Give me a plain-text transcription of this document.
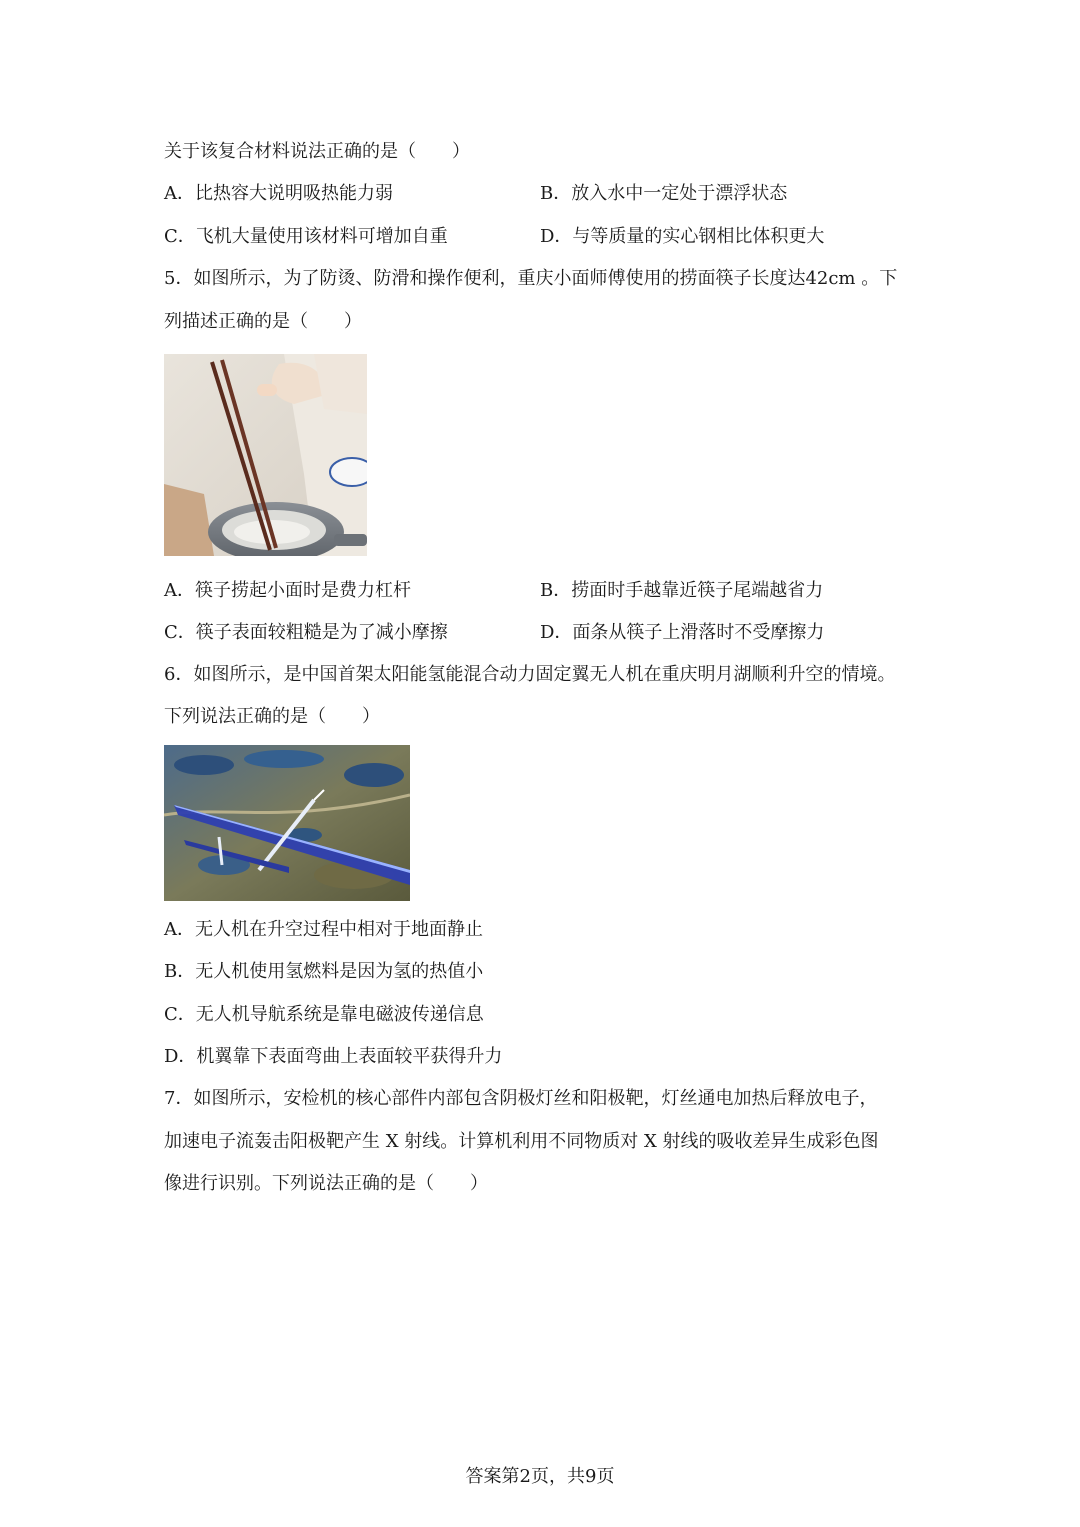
关于该复合材料说法正确的是（　　）
A．比热容大说明吸热能力弱	B．放入水中一定处于漂浮状态
C．飞机大量使用该材料可增加自重	D．与等质量的实心钢相比体积更大
5．如图所示，为了防烫、防滑和操作便利，重庆小面师傅使用的捞面筷子长度达42cm 。下
列描述正确的是（　　）
A．筷子捞起小面时是费力杠杆	B．捞面时手越靠近筷子尾端越省力
C．筷子表面较粗糙是为了减小摩擦	D．面条从筷子上滑落时不受摩擦力
6．如图所示，是中国首架太阳能氢能混合动力固定翼无人机在重庆明月湖顺利升空的情境。
下列说法正确的是（　　）
A．无人机在升空过程中相对于地面静止
B．无人机使用氢燃料是因为氢的热值小
C．无人机导航系统是靠电磁波传递信息
D．机翼靠下表面弯曲上表面较平获得升力
7．如图所示，安检机的核心部件内部包含阴极灯丝和阳极靶，灯丝通电加热后释放电子，
加速电子流轰击阳极靶产生 X 射线。计算机利用不同物质对 X 射线的吸收差异生成彩色图
像进行识别。下列说法正确的是（　　）
答案第2页，共9页
